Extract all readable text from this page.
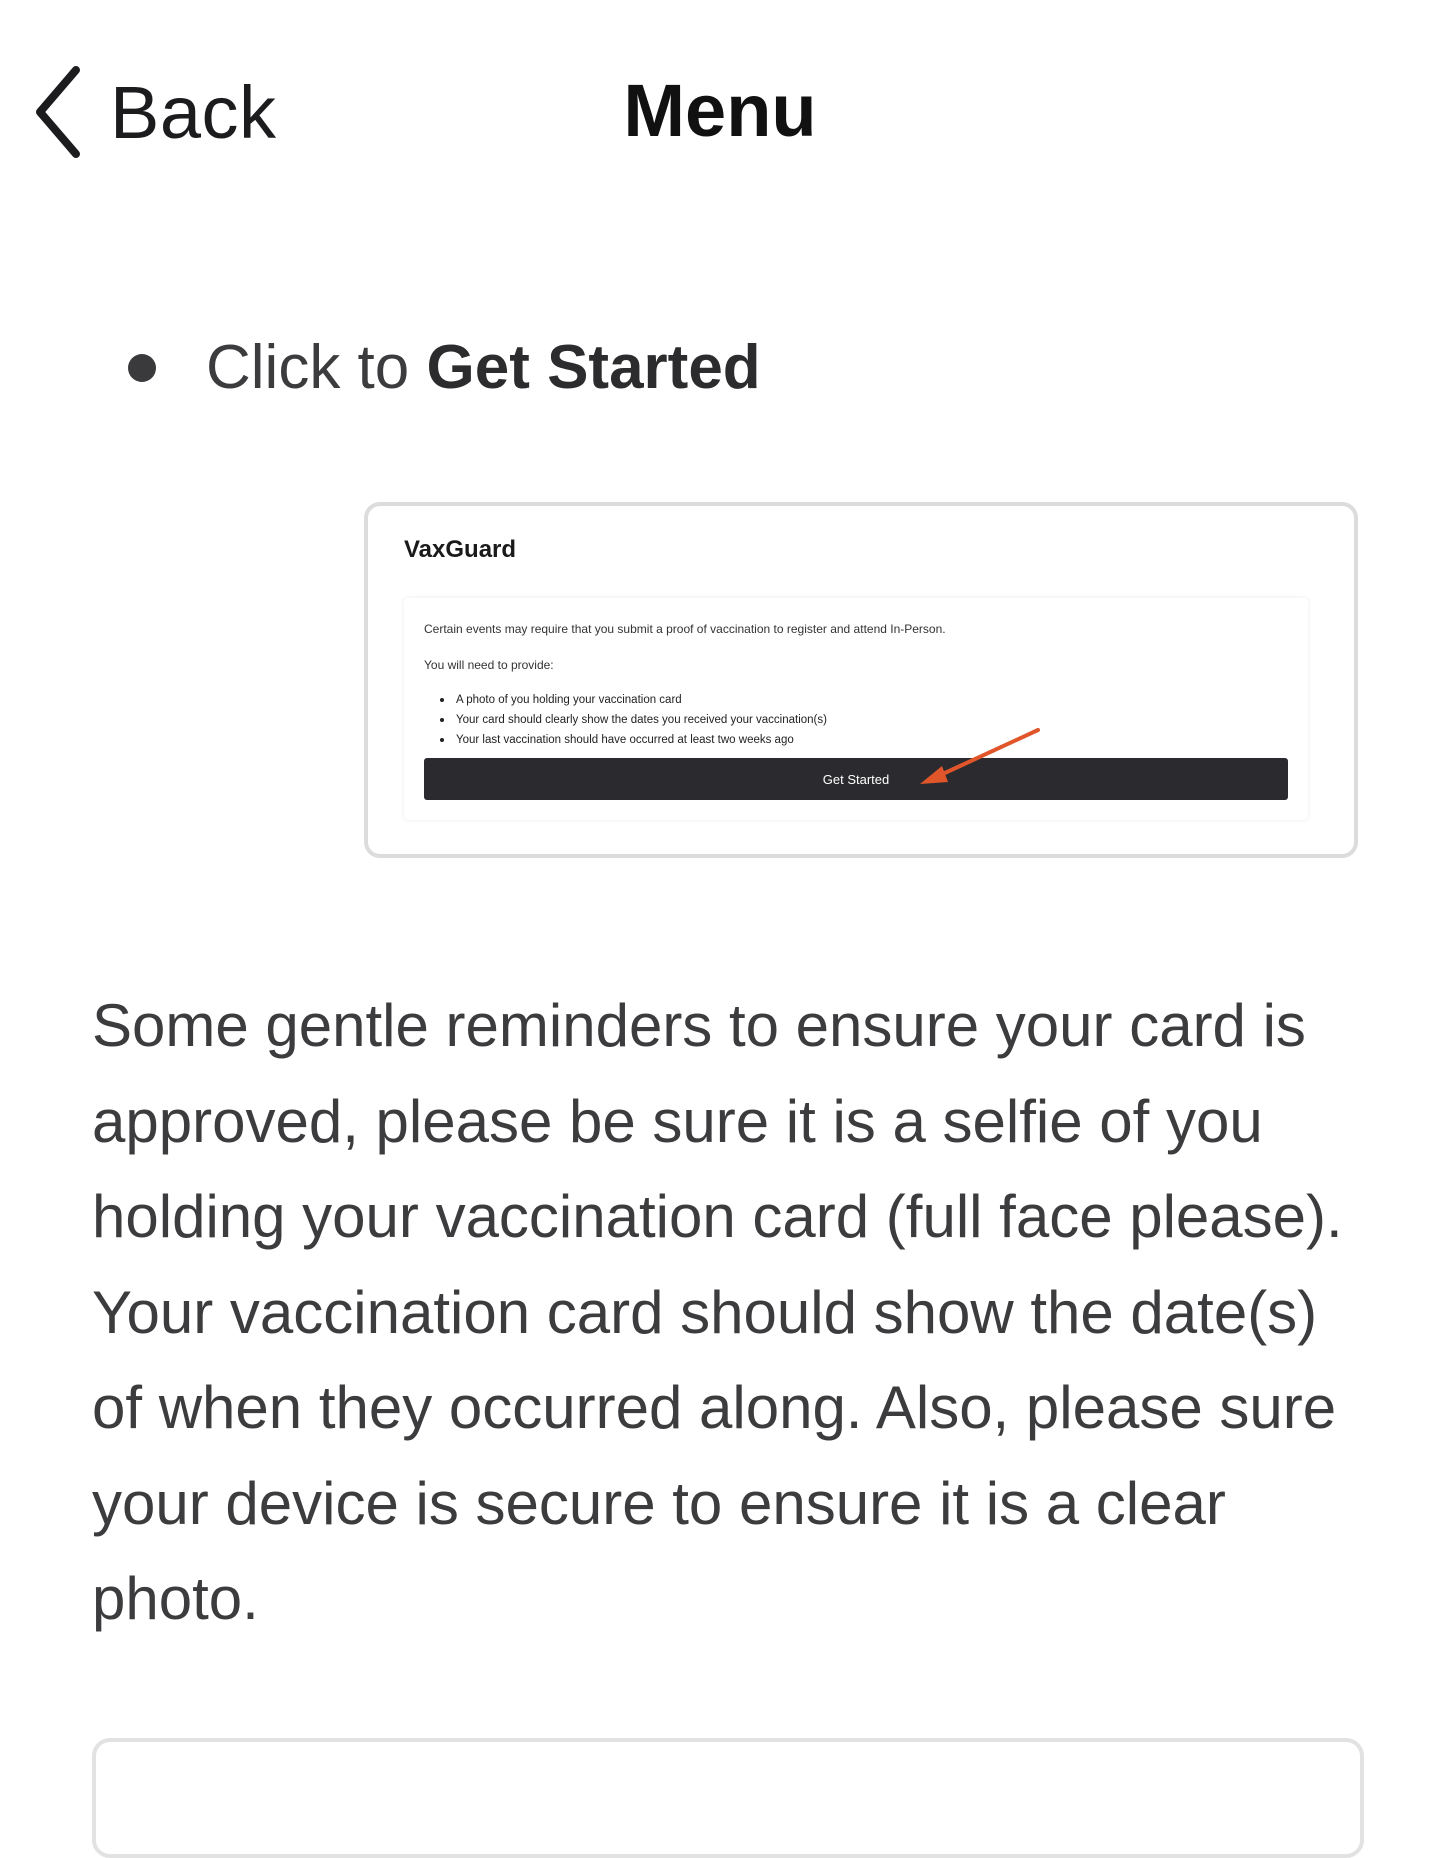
Back	Menu
Click to Get Started
VaxGuard
Certain events may require that you submit a proof of vaccination to register and attend In-Person.
You will need to provide:
A photo of you holding your vaccination card
Your card should clearly show the dates you received your vaccination(s)
Your last vaccination should have occurred at least two weeks ago
Get Started

Some gentle reminders to ensure your card is approved, please be sure it is a selfie of you holding your vaccination card (full face please). Your vaccination card should show the date(s) of when they occurred along. Also, please sure your device is secure to ensure it is a clear photo.
